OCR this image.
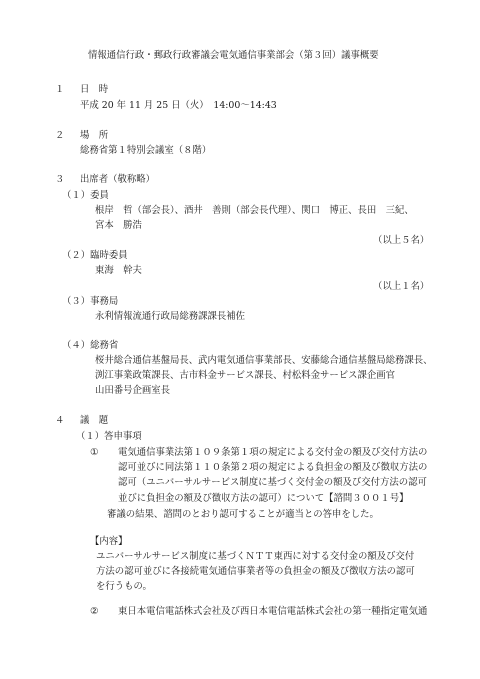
情報通信行政・郵政行政審議会電気通信事業部会（第３回）議事概要
１ 日　時
平成 20 年 11 月 25 日（火）　14:00～14:43
２ 場　所
総務省第１特別会議室（８階）
３ 出席者（敬称略）
（１）委員
根岸　哲（部会長）、酒井　善則（部会長代理）、関口　博正、長田　三紀、
宮本　勝浩
（以上５名）
（２）臨時委員
東海　幹夫
（以上１名）
（３）事務局
永利情報流通行政局総務課課長補佐
（４）総務省
桜井総合通信基盤局長、武内電気通信事業部長、安藤総合通信基盤局総務課長、
渕江事業政策課長、古市料金サービス課長、村松料金サービス課企画官
山田番号企画室長
４ 議　題
（１）答申事項
① 電気通信事業法第１０９条第１項の規定による交付金の額及び交付方法の
認可並びに同法第１１０条第２項の規定による負担金の額及び徴収方法の
認可（ユニバーサルサービス制度に基づく交付金の額及び交付方法の認可
並びに負担金の額及び徴収方法の認可）について【諮問３００１号】
審議の結果、諮問のとおり認可することが適当との答申をした。
【内容】
ユニバーサルサービス制度に基づくＮＴＴ東西に対する交付金の額及び交付
方法の認可並びに各接続電気通信事業者等の負担金の額及び徴収方法の認可
を行うもの。
② 東日本電信電話株式会社及び西日本電信電話株式会社の第一種指定電気通
